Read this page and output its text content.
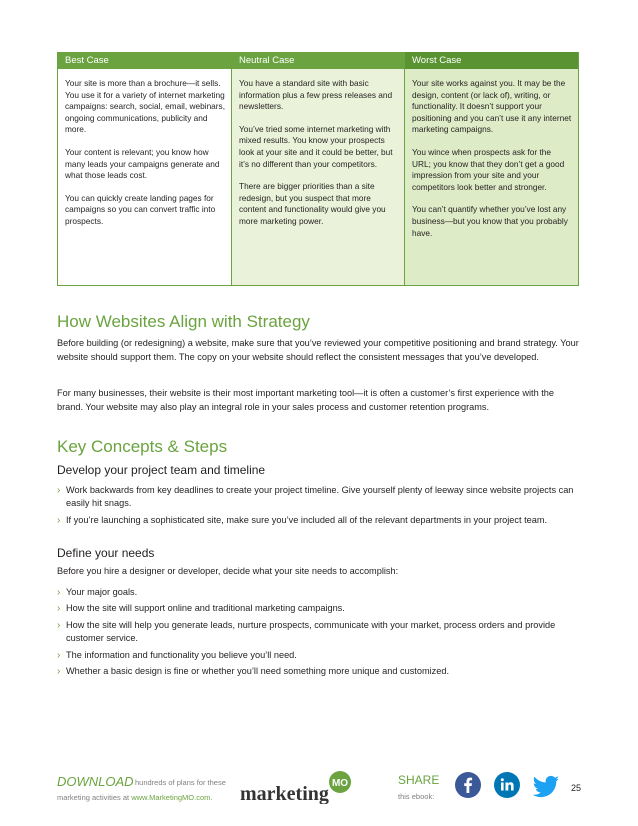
Best Case

Your site is more than a brochure—it sells. You use it for a variety of internet marketing campaigns: search, social, email, webinars, ongoing communications, publicity and more.

Your content is relevant; you know how many leads your campaigns generate and what those leads cost.

You can quickly create landing pages for campaigns so you can convert traffic into prospects.

Neutral Case

You have a standard site with basic information plus a few press releases and newsletters.

You’ve tried some internet marketing with mixed results. You know your prospects look at your site and it could be better, but it’s no different than your competitors.

There are bigger priorities than a site redesign, but you suspect that more content and functionality would give you more marketing power.

Worst Case

Your site works against you. It may be the design, content (or lack of), writing, or functionality. It doesn’t support your positioning and you can’t use it any internet marketing campaigns.

You wince when prospects ask for the URL; you know that they don’t get a good impression from your site and your competitors look better and stronger.

You can’t quantify whether you’ve lost any business—but you know that you probably have.

How Websites Align with Strategy

Before building (or redesigning) a website, make sure that you’ve reviewed your competitive positioning and brand strategy. Your website should support them. The copy on your website should reflect the consistent messages that you’ve developed.

For many businesses, their website is their most important marketing tool—it is often a customer’s first experience with the brand. Your website may also play an integral role in your sales process and customer retention programs.

Key Concepts & Steps
Develop your project team and timeline
› Work backwards from key deadlines to create your project timeline. Give yourself plenty of leeway since website projects can easily hit snags.
› If you’re launching a sophisticated site, make sure you’ve included all of the relevant departments in your project team.
Define your needs

Before you hire a designer or developer, decide what your site needs to accomplish:

› Your major goals.
› How the site will support online and traditional marketing campaigns.
› How the site will help you generate leads, nurture prospects, communicate with your market, process orders and provide customer service.
› The information and functionality you believe you’ll need.
› Whether a basic design is fine or whether you’ll need something more unique and customized.
DOWNLOAD hundreds of plans for these
marketing activities at www.MarketingMO.com.
MO
marketing
SHARE
this ebook:
25
